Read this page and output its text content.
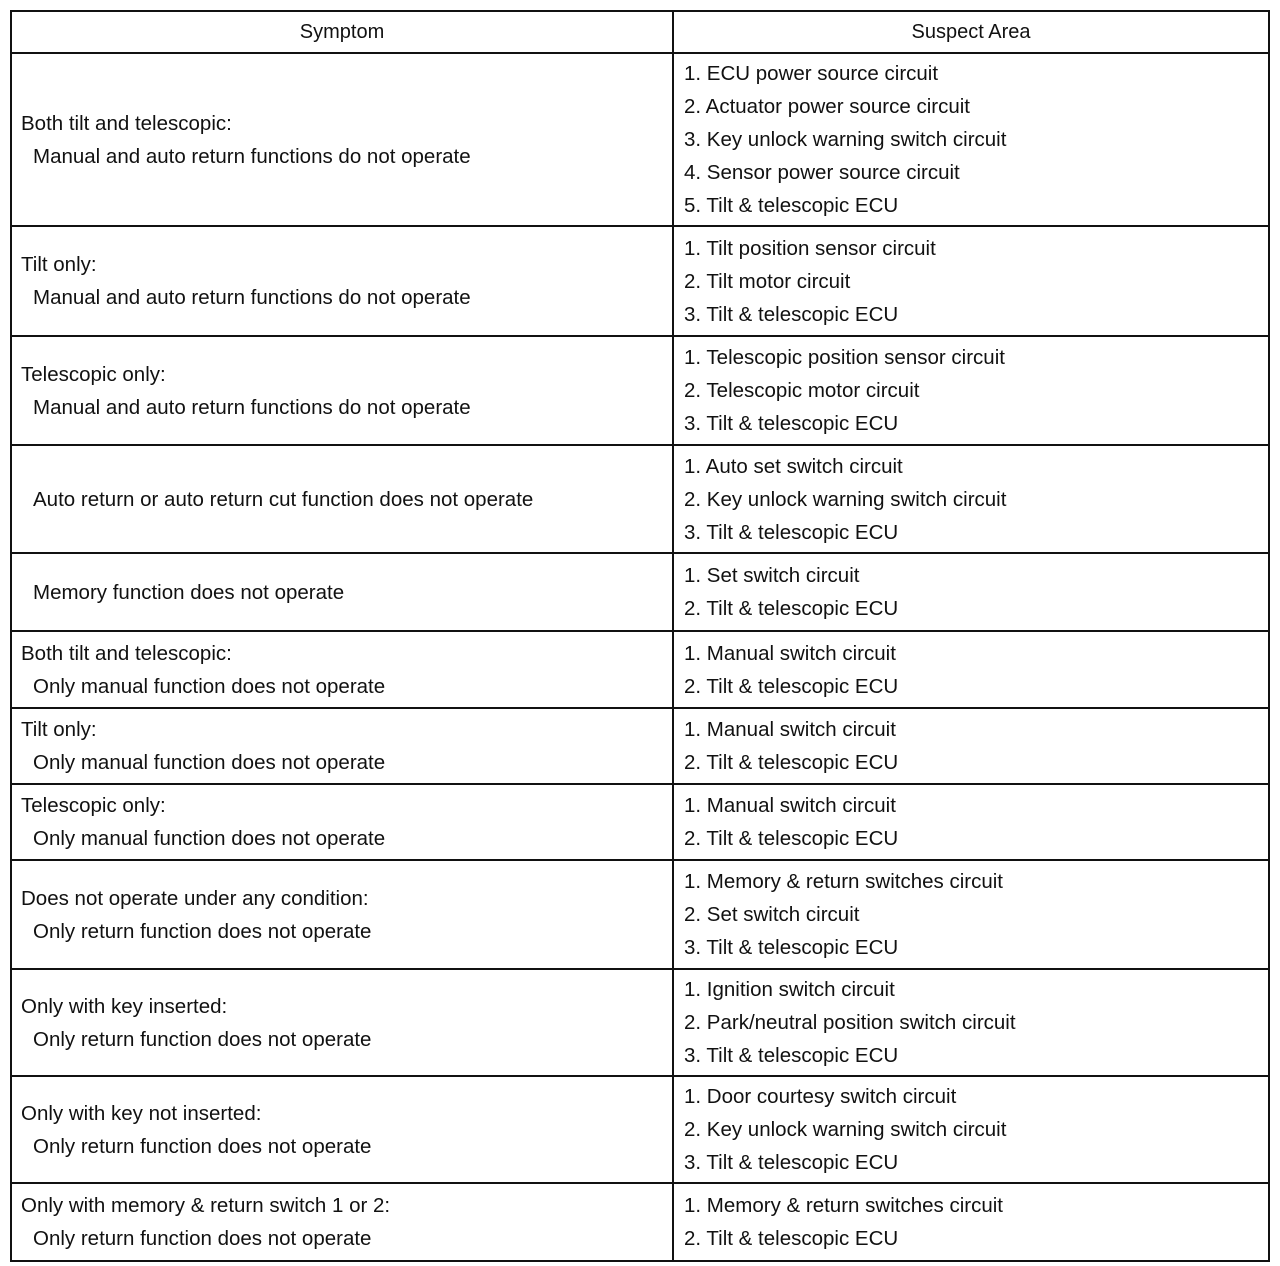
Symptom	Suspect Area
Both tilt and telescopic:
Manual and auto return functions do not operate
1. ECU power source circuit
2. Actuator power source circuit
3. Key unlock warning switch circuit
4. Sensor power source circuit
5. Tilt & telescopic ECU
Tilt only:
Manual and auto return functions do not operate
1. Tilt position sensor circuit
2. Tilt motor circuit
3. Tilt & telescopic ECU
Telescopic only:
Manual and auto return functions do not operate
1. Telescopic position sensor circuit
2. Telescopic motor circuit
3. Tilt & telescopic ECU
Auto return or auto return cut function does not operate
1. Auto set switch circuit
2. Key unlock warning switch circuit
3. Tilt & telescopic ECU
Memory function does not operate
1. Set switch circuit
2. Tilt & telescopic ECU
Both tilt and telescopic:
Only manual function does not operate
1. Manual switch circuit
2. Tilt & telescopic ECU
Tilt only:
Only manual function does not operate
1. Manual switch circuit
2. Tilt & telescopic ECU
Telescopic only:
Only manual function does not operate
1. Manual switch circuit
2. Tilt & telescopic ECU
Does not operate under any condition:
Only return function does not operate
1. Memory & return switches circuit
2. Set switch circuit
3. Tilt & telescopic ECU
Only with key inserted:
Only return function does not operate
1. Ignition switch circuit
2. Park/neutral position switch circuit
3. Tilt & telescopic ECU
Only with key not inserted:
Only return function does not operate
1. Door courtesy switch circuit
2. Key unlock warning switch circuit
3. Tilt & telescopic ECU
Only with memory & return switch 1 or 2:
Only return function does not operate
1. Memory & return switches circuit
2. Tilt & telescopic ECU
